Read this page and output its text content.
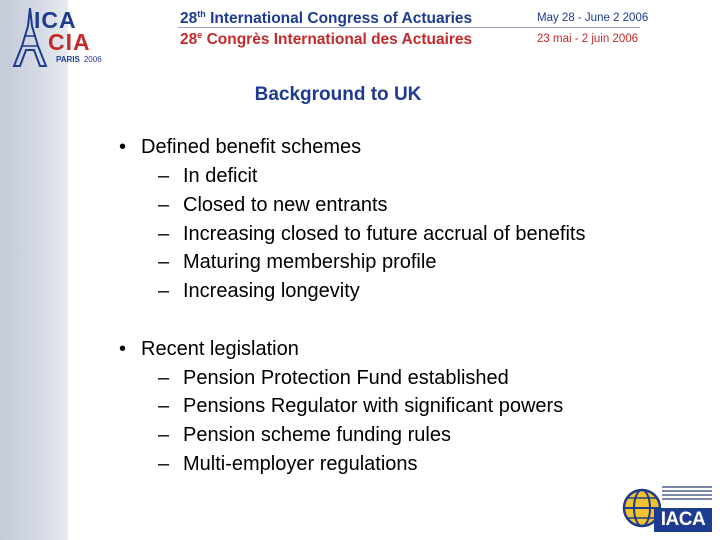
ICA
CIA
PARIS 2006
28th International Congress of Actuaries
28e Congrès International des Actuaires
May 28 - June 2 2006
23 mai - 2 juin 2006
Background to UK
• Defined benefit schemes
– In deficit
– Closed to new entrants
– Increasing closed to future accrual of benefits
– Maturing membership profile
– Increasing longevity
• Recent legislation
– Pension Protection Fund established
– Pensions Regulator with significant powers
– Pension scheme funding rules
– Multi-employer regulations
IACA
